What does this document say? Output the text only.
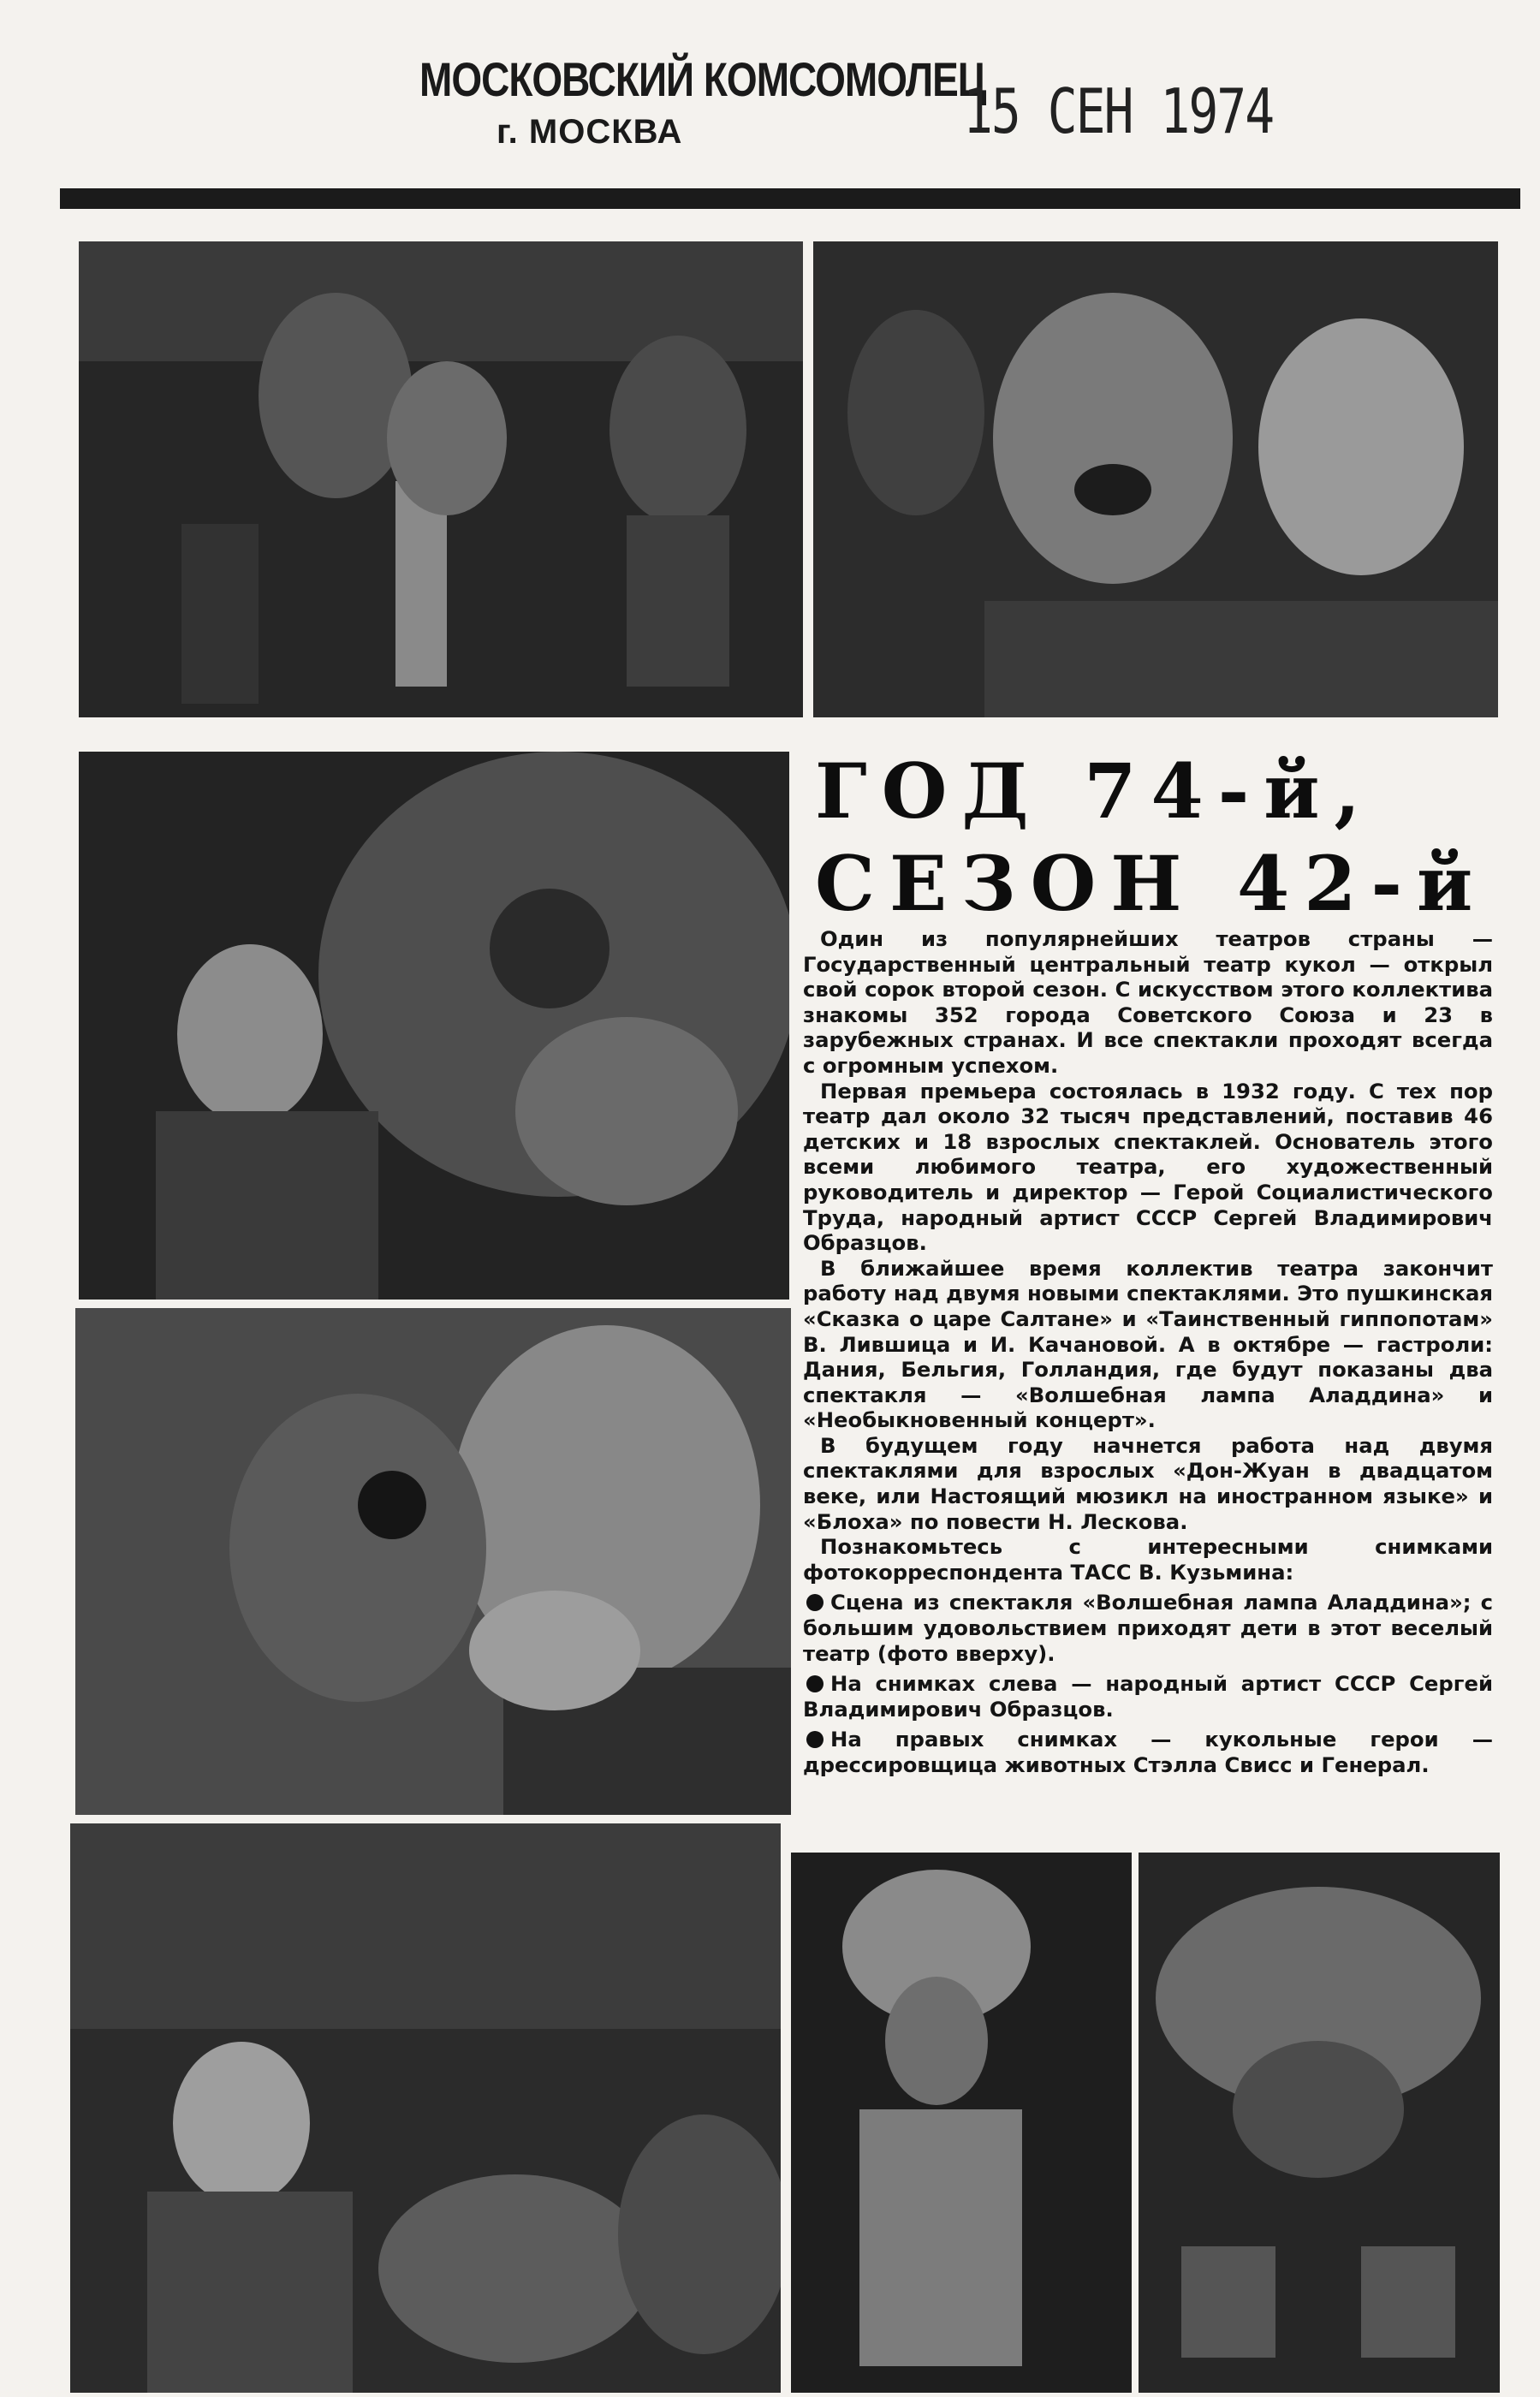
МОСКОВСКИЙ КОМСОМОЛЕЦ
г. МОСКВА	15 СЕН 1974
ГОД 74-й,
СЕЗОН 42-й

Один из популярнейших театров страны — Государственный центральный театр кукол — открыл свой сорок второй сезон. С искусством этого коллектива знакомы 352 города Советского Союза и 23 в зарубежных странах. И все спектакли проходят всегда с огромным успехом.

Первая премьера состоялась в 1932 году. С тех пор театр дал около 32 тысяч представлений, поставив 46 детских и 18 взрослых спектаклей. Основатель этого всеми любимого театра, его художественный руководитель и директор — Герой Социалистического Труда, народный артист СССР Сергей Владимирович Образцов.

В ближайшее время коллектив театра закончит работу над двумя новыми спектаклями. Это пушкинская «Сказка о царе Салтане» и «Таинственный гиппопотам» В. Лившица и И. Качановой. А в октябре — гастроли: Дания, Бельгия, Голландия, где будут показаны два спектакля — «Волшебная лампа Аладдина» и «Необыкновенный концерт».

В будущем году начнется работа над двумя спектаклями для взрослых «Дон-Жуан в двадцатом веке, или Настоящий мюзикл на иностранном языке» и «Блоха» по повести Н. Лескова.

Познакомьтесь с интересными снимками фотокорреспондента ТАСС В. Кузьмина:

Сцена из спектакля «Волшебная лампа Аладдина»; с большим удовольствием приходят дети в этот веселый театр (фото вверху).

На снимках слева — народный артист СССР Сергей Владимирович Образцов.

На правых снимках — кукольные герои — дрессировщица животных Стэлла Свисс и Генерал.
